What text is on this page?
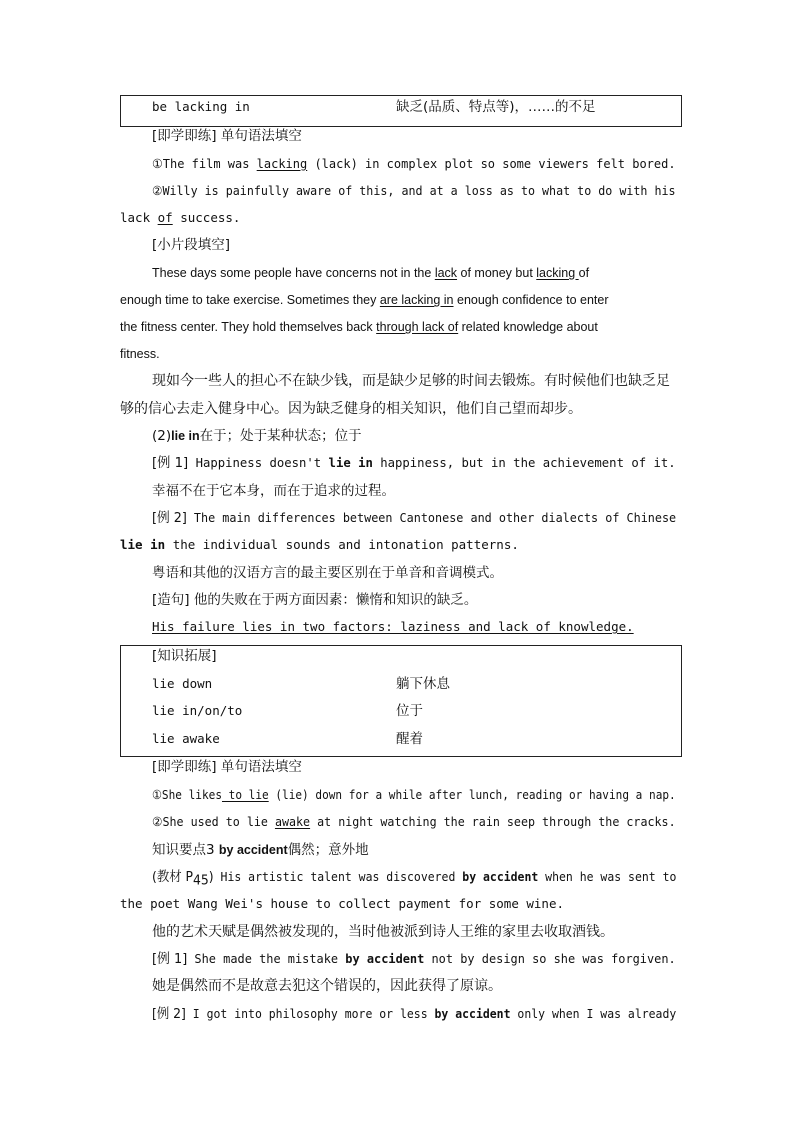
be lacking in	缺乏(品质、特点等)，……的不足
[即学即练] 单句语法填空
①The film was lacking (lack) in complex plot so some viewers felt bored.
②Willy is painfully aware of this, and at a loss as to what to do with his
lack of success.
[小片段填空]
These days some people have concerns not in the lack of money but lacking of
enough time to take exercise. Sometimes they are lacking in enough confidence to enter
the fitness center. They hold themselves back through lack of related knowledge about
fitness.
现如今一些人的担心不在缺少钱，而是缺少足够的时间去锻炼。有时候他们也缺乏足
够的信心去走入健身中心。因为缺乏健身的相关知识，他们自己望而却步。
(2)lie in在于；处于某种状态；位于
[例 1] Happiness doesn't lie in happiness, but in the achievement of it.
幸福不在于它本身，而在于追求的过程。
[例 2] The main differences between Cantonese and other dialects of Chinese
lie in the individual sounds and intonation patterns.
粤语和其他的汉语方言的最主要区别在于单音和音调模式。
[造句] 他的失败在于两方面因素：懒惰和知识的缺乏。
His failure lies in two factors: laziness and lack of knowledge.
[知识拓展]
lie down	躺下休息
lie in/on/to	位于
lie awake	醒着
[即学即练] 单句语法填空
①She likes to lie (lie) down for a while after lunch, reading or having a nap.
②She used to lie awake at night watching the rain seep through the cracks.
知识要点3 by accident偶然；意外地
(教材 $P_{45}$) His artistic talent was discovered by accident when he was sent to
the poet Wang Wei's house to collect payment for some wine.
他的艺术天赋是偶然被发现的，当时他被派到诗人王维的家里去收取酒钱。
[例 1] She made the mistake by accident not by design so she was forgiven.
她是偶然而不是故意去犯这个错误的，因此获得了原谅。
[例 2] I got into philosophy more or less by accident only when I was already
